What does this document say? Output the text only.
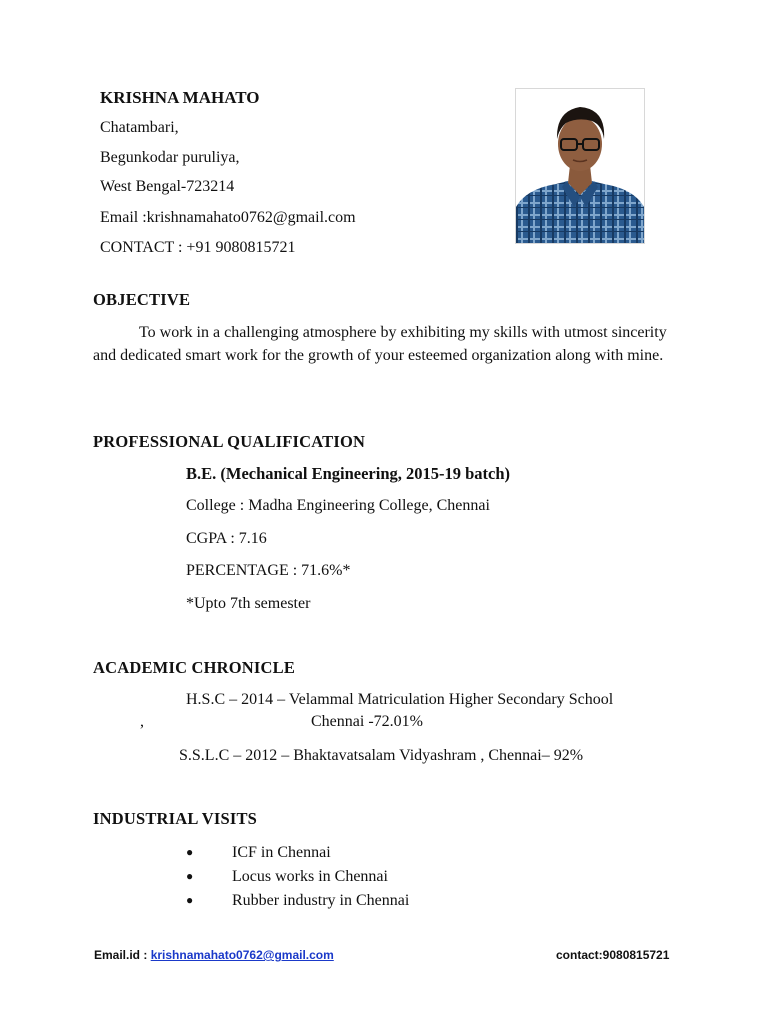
KRISHNA MAHATO
Chatambari,
Begunkodar puruliya,
West Bengal-723214
Email :krishnamahato0762@gmail.com
CONTACT : +91 9080815721
OBJECTIVE
To work in a challenging atmosphere by exhibiting my skills with utmost sincerity and dedicated smart work for the growth of your esteemed organization along with mine.
PROFESSIONAL QUALIFICATION
B.E. (Mechanical Engineering, 2015-19 batch)
College : Madha Engineering College, Chennai
CGPA : 7.16
PERCENTAGE : 71.6%*
*Upto 7th semester
ACADEMIC CHRONICLE
H.S.C – 2014 – Velammal Matriculation Higher Secondary School
,	Chennai -72.01%
S.S.L.C – 2012 – Bhaktavatsalam Vidyashram , Chennai– 92%
INDUSTRIAL VISITS
● ICF in Chennai
● Locus works in Chennai
● Rubber industry in Chennai
Email.id : krishnamahato0762@gmail.com	contact:9080815721
